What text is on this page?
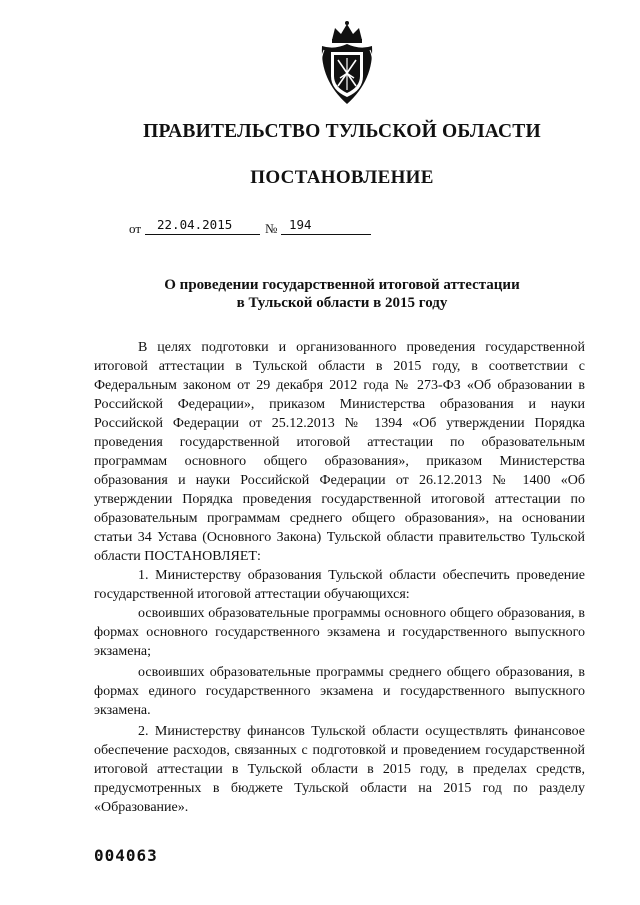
ПРАВИТЕЛЬСТВО ТУЛЬСКОЙ ОБЛАСТИ
ПОСТАНОВЛЕНИЕ
от 22.04.2015	№ 194
О проведении государственной итоговой аттестации
в Тульской области в 2015 году

В целях подготовки и организованного проведения государственной итоговой аттестации в Тульской области в 2015 году, в соответствии с Федеральным законом от 29 декабря 2012 года № 273-ФЗ «Об образовании в Российской Федерации», приказом Министерства образования и науки Российской Федерации от 25.12.2013 № 1394 «Об утверждении Порядка проведения государственной итоговой аттестации по образовательным программам основного общего образования», приказом Министерства образования и науки Российской Федерации от 26.12.2013 № 1400 «Об утверждении Порядка проведения государственной итоговой аттестации по образовательным программам среднего общего образования», на основании статьи 34 Устава (Основного Закона) Тульской области правительство Тульской области ПОСТАНОВЛЯЕТ:

1. Министерству образования Тульской области обеспечить проведение государственной итоговой аттестации обучающихся:

освоивших образовательные программы основного общего образования, в формах основного государственного экзамена и государственного выпускного экзамена;

освоивших образовательные программы среднего общего образования, в формах единого государственного экзамена и государственного выпускного экзамена.

2. Министерству финансов Тульской области осуществлять финансовое обеспечение расходов, связанных с подготовкой и проведением государственной итоговой аттестации в Тульской области в 2015 году, в пределах средств, предусмотренных в бюджете Тульской области на 2015 год по разделу «Образование».

004063
